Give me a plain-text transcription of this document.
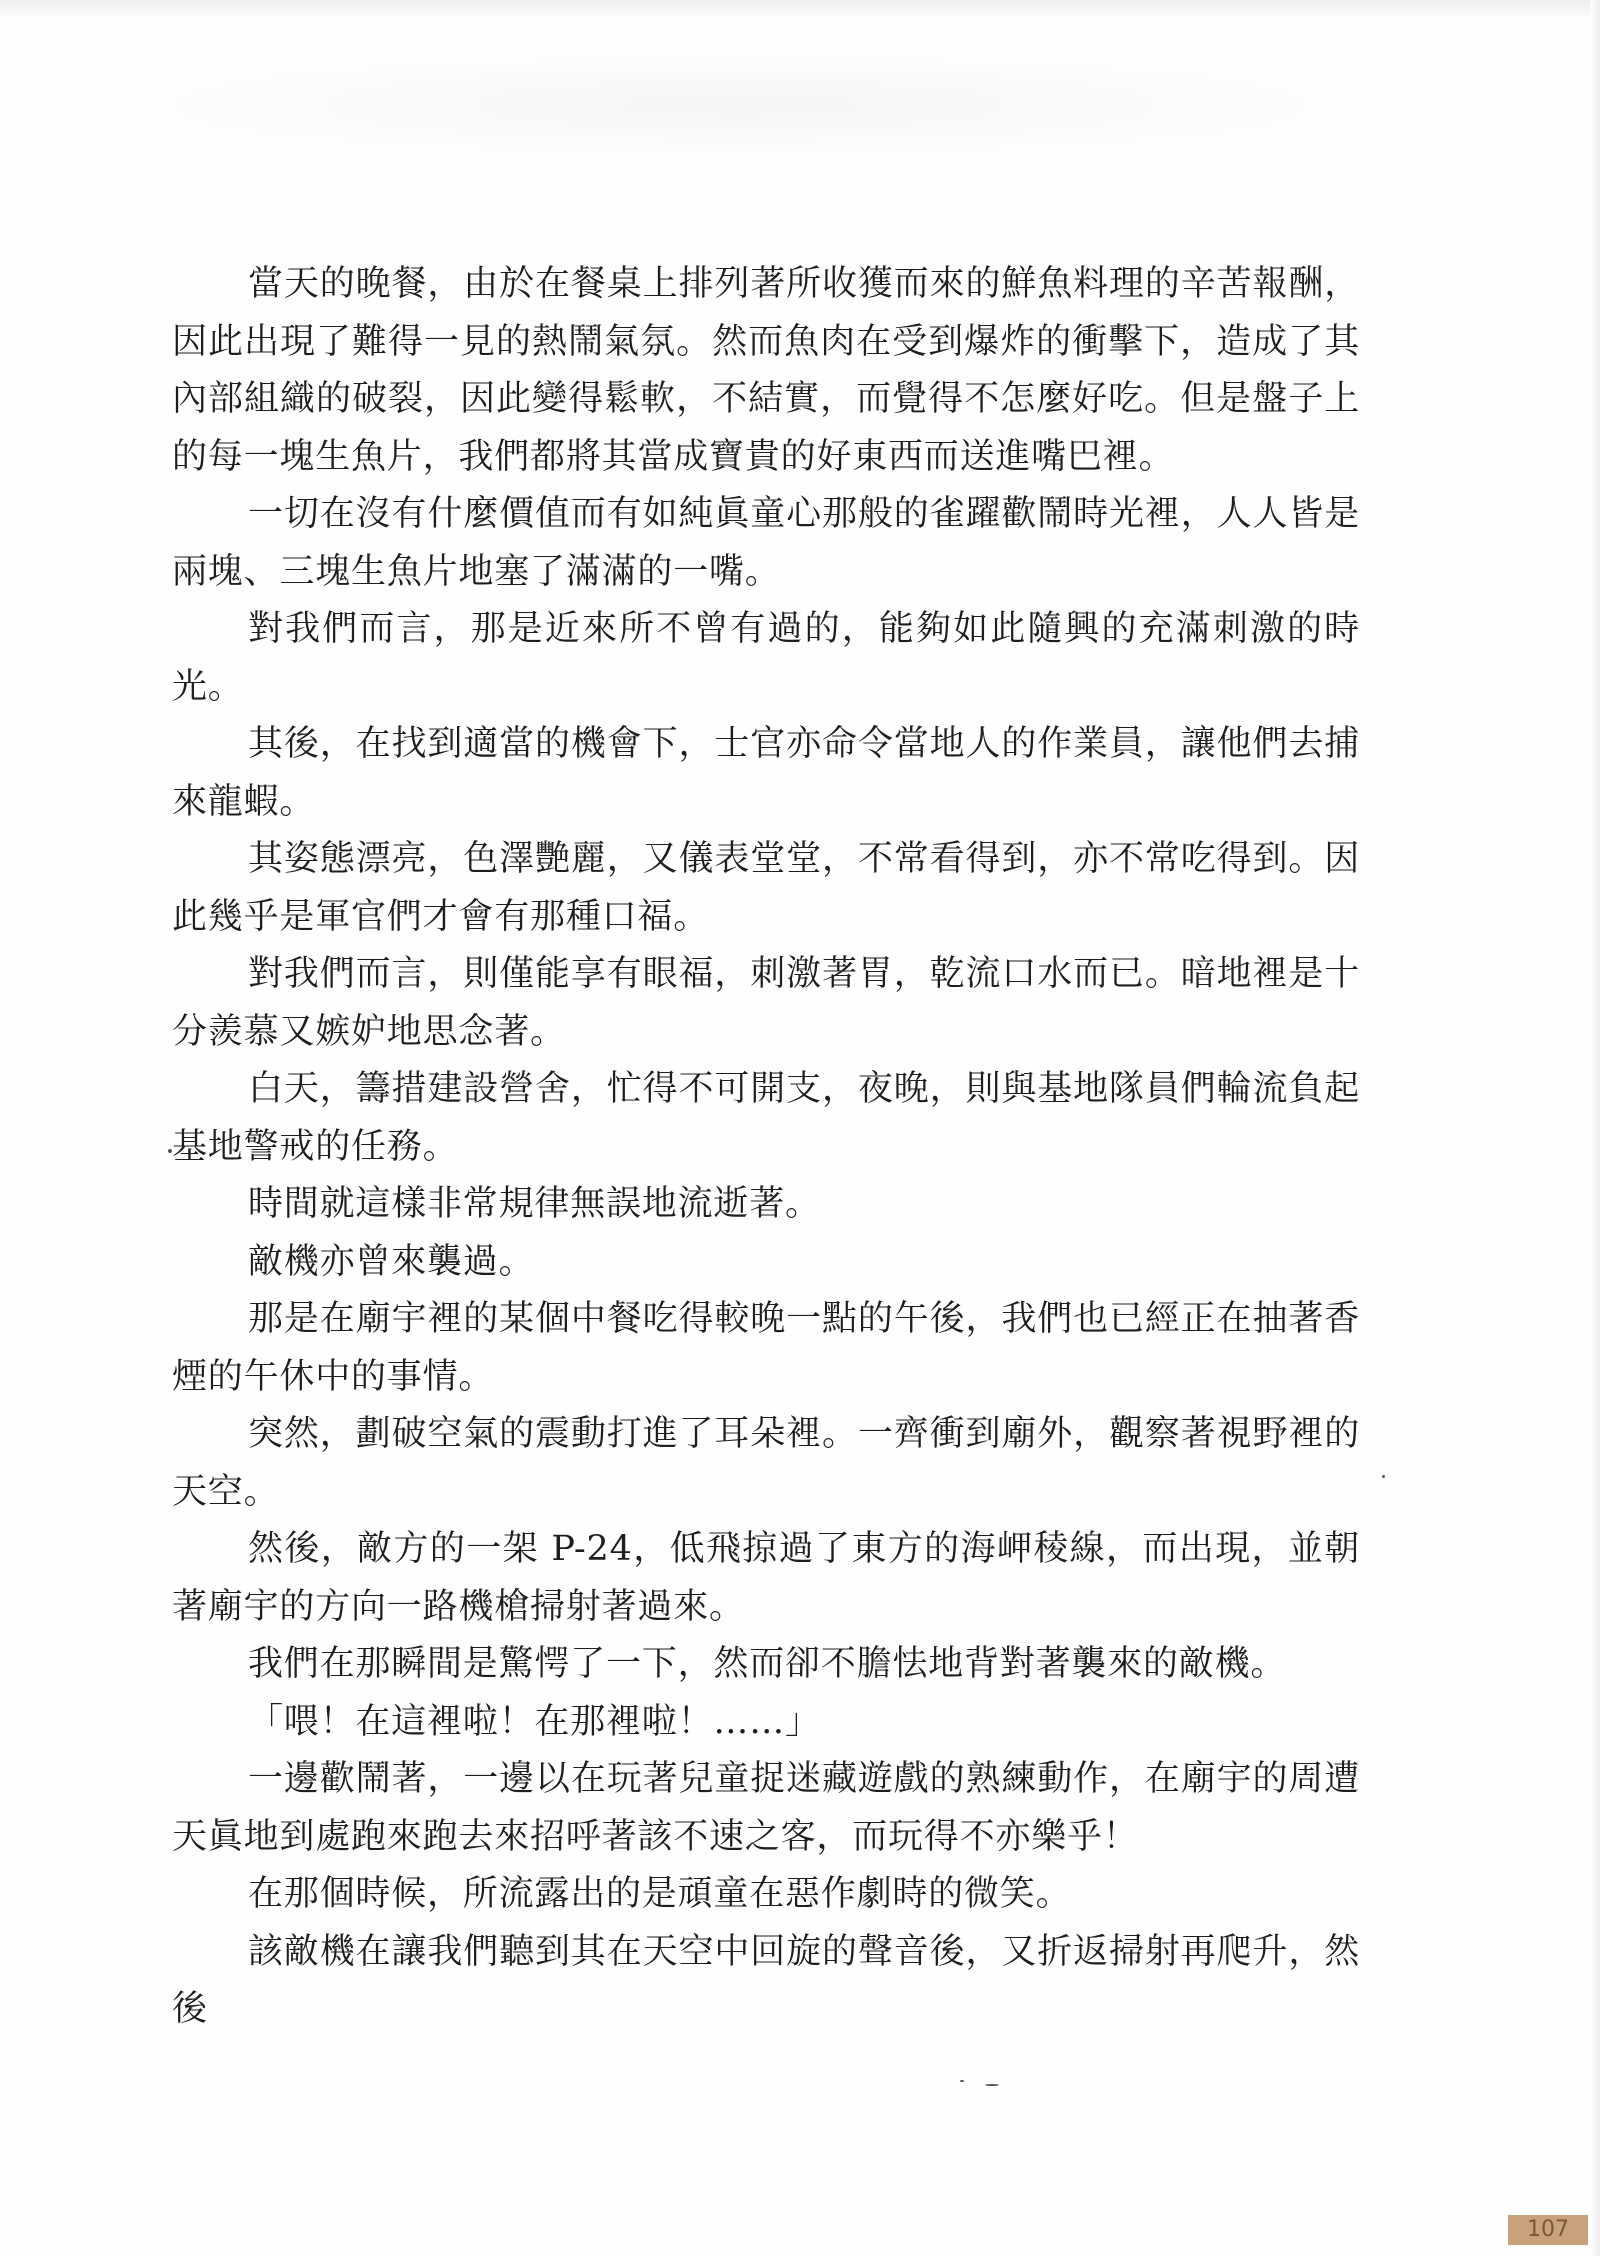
當天的晚餐，由於在餐桌上排列著所收獲而來的鮮魚料理的辛苦報酬，因此出現了難得一見的熱鬧氣氛。然而魚肉在受到爆炸的衝擊下，造成了其內部組織的破裂，因此變得鬆軟，不結實，而覺得不怎麼好吃。但是盤子上的每一塊生魚片，我們都將其當成寶貴的好東西而送進嘴巴裡。

一切在沒有什麼價值而有如純眞童心那般的雀躍歡鬧時光裡，人人皆是兩塊、三塊生魚片地塞了滿滿的一嘴。

對我們而言，那是近來所不曾有過的，能夠如此隨興的充滿刺激的時光。

其後，在找到適當的機會下，士官亦命令當地人的作業員，讓他們去捕來龍蝦。

其姿態漂亮，色澤艷麗，又儀表堂堂，不常看得到，亦不常吃得到。因此幾乎是軍官們才會有那種口福。

對我們而言，則僅能享有眼福，刺激著胃，乾流口水而已。暗地裡是十分羨慕又嫉妒地思念著。

白天，籌措建設營舍，忙得不可開支，夜晚，則與基地隊員們輪流負起基地警戒的任務。

時間就這樣非常規律無誤地流逝著。

敵機亦曾來襲過。

那是在廟宇裡的某個中餐吃得較晚一點的午後，我們也已經正在抽著香煙的午休中的事情。

突然，劃破空氣的震動打進了耳朵裡。一齊衝到廟外，觀察著視野裡的天空。

然後，敵方的一架 P-24，低飛掠過了東方的海岬稜線，而出現，並朝著廟宇的方向一路機槍掃射著過來。

我們在那瞬間是驚愕了一下，然而卻不膽怯地背對著襲來的敵機。

「喂！在這裡啦！在那裡啦！……」

一邊歡鬧著，一邊以在玩著兒童捉迷藏遊戲的熟練動作，在廟宇的周遭天眞地到處跑來跑去來招呼著該不速之客，而玩得不亦樂乎！

在那個時候，所流露出的是頑童在惡作劇時的微笑。

該敵機在讓我們聽到其在天空中回旋的聲音後，又折返掃射再爬升，然後

107
